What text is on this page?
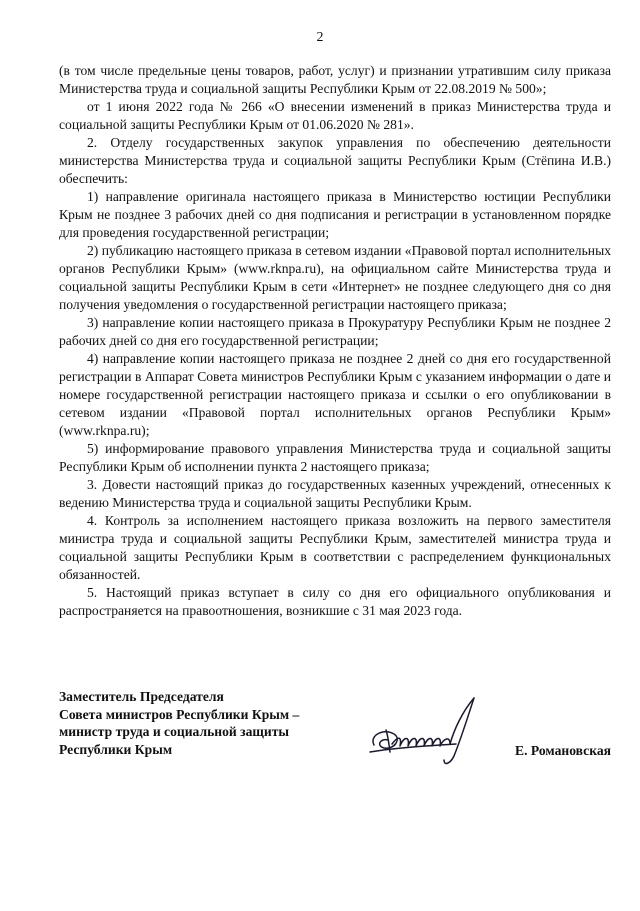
2

(в том числе предельные цены товаров, работ, услуг) и признании утратившим силу приказа Министерства труда и социальной защиты Республики Крым от 22.08.2019 № 500»;

от 1 июня 2022 года № 266 «О внесении изменений в приказ Министерства труда и социальной защиты Республики Крым от 01.06.2020 № 281».

2. Отделу государственных закупок управления по обеспечению деятельности министерства Министерства труда и социальной защиты Республики Крым (Стёпина И.В.) обеспечить:

1) направление оригинала настоящего приказа в Министерство юстиции Республики Крым не позднее 3 рабочих дней со дня подписания и регистрации в установленном порядке для проведения государственной регистрации;

2) публикацию настоящего приказа в сетевом издании «Правовой портал исполнительных органов Республики Крым» (www.rknpa.ru), на официальном сайте Министерства труда и социальной защиты Республики Крым в сети «Интернет» не позднее следующего дня со дня получения уведомления о государственной регистрации настоящего приказа;

3) направление копии настоящего приказа в Прокуратуру Республики Крым не позднее 2 рабочих дней со дня его государственной регистрации;

4) направление копии настоящего приказа не позднее 2 дней со дня его государственной регистрации в Аппарат Совета министров Республики Крым с указанием информации о дате и номере государственной регистрации настоящего приказа и ссылки о его опубликовании в сетевом издании «Правовой портал исполнительных органов Республики Крым» (www.rknpa.ru);

5) информирование правового управления Министерства труда и социальной защиты Республики Крым об исполнении пункта 2 настоящего приказа;

3. Довести настоящий приказ до государственных казенных учреждений, отнесенных к ведению Министерства труда и социальной защиты Республики Крым.

4. Контроль за исполнением настоящего приказа возложить на первого заместителя министра труда и социальной защиты Республики Крым, заместителей министра труда и социальной защиты Республики Крым в соответствии с распределением функциональных обязанностей.

5. Настоящий приказ вступает в силу со дня его официального опубликования и распространяется на правоотношения, возникшие с 31 мая 2023 года.

Заместитель Председателя
Совета министров Республики Крым –
министр труда и социальной защиты
Республики Крым	Е. Романовская
